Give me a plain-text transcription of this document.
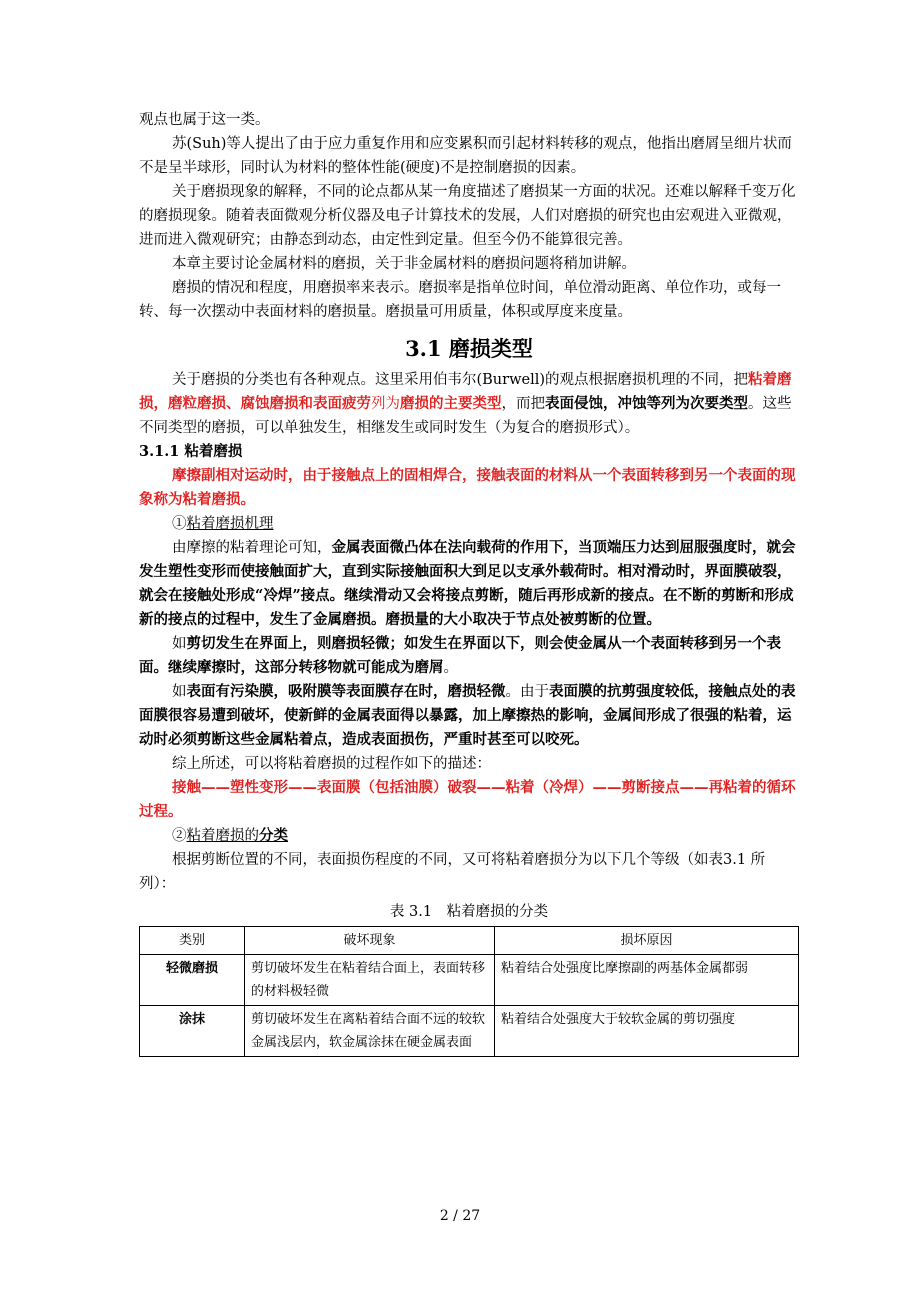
观点也属于这一类。

苏(Suh)等人提出了由于应力重复作用和应变累积而引起材料转移的观点，他指出磨屑呈细片状而不是呈半球形，同时认为材料的整体性能(硬度)不是控制磨损的因素。

关于磨损现象的解释，不同的论点都从某一角度描述了磨损某一方面的状况。还难以解释千变万化的磨损现象。随着表面微观分析仪器及电子计算技术的发展，人们对磨损的研究也由宏观进入亚微观，进而进入微观研究；由静态到动态，由定性到定量。但至今仍不能算很完善。

本章主要讨论金属材料的磨损，关于非金属材料的磨损问题将稍加讲解。

磨损的情况和程度，用磨损率来表示。磨损率是指单位时间，单位滑动距离、单位作功，或每一转、每一次摆动中表面材料的磨损量。磨损量可用质量，体积或厚度来度量。

3.1 磨损类型

关于磨损的分类也有各种观点。这里采用伯韦尔(Burwell)的观点根据磨损机理的不同，把粘着磨损，磨粒磨损、腐蚀磨损和表面疲劳列为磨损的主要类型，而把表面侵蚀，冲蚀等列为次要类型。这些不同类型的磨损，可以单独发生，相继发生或同时发生（为复合的磨损形式）。

3.1.1 粘着磨损

摩擦副相对运动时，由于接触点上的固相焊合，接触表面的材料从一个表面转移到另一个表面的现象称为粘着磨损。

①粘着磨损机理

由摩擦的粘着理论可知，金属表面微凸体在法向载荷的作用下，当顶端压力达到屈服强度时，就会发生塑性变形而使接触面扩大，直到实际接触面积大到足以支承外载荷时。相对滑动时，界面膜破裂，就会在接触处形成“冷焊”接点。继续滑动又会将接点剪断，随后再形成新的接点。在不断的剪断和形成新的接点的过程中，发生了金属磨损。磨损量的大小取决于节点处被剪断的位置。

如剪切发生在界面上，则磨损轻微；如发生在界面以下，则会使金属从一个表面转移到另一个表面。继续摩擦时，这部分转移物就可能成为磨屑。

如表面有污染膜，吸附膜等表面膜存在时，磨损轻微。由于表面膜的抗剪强度较低，接触点处的表面膜很容易遭到破坏，使新鲜的金属表面得以暴露，加上摩擦热的影响，金属间形成了很强的粘着，运动时必须剪断这些金属粘着点，造成表面损伤，严重时甚至可以咬死。

综上所述，可以将粘着磨损的过程作如下的描述：

接触——塑性变形——表面膜（包括油膜）破裂——粘着（冷焊）——剪断接点——再粘着的循环过程。

②粘着磨损的分类

根据剪断位置的不同，表面损伤程度的不同，又可将粘着磨损分为以下几个等级（如表3.1 所列）：

表 3.1　粘着磨损的分类

类别	破坏现象	损坏原因
轻微磨损	剪切破坏发生在粘着结合面上，表面转移的材料极轻微	粘着结合处强度比摩擦副的两基体金属都弱
涂抹	剪切破坏发生在离粘着结合面不远的较软金属浅层内，软金属涂抹在硬金属表面	粘着结合处强度大于较软金属的剪切强度
2 / 27
